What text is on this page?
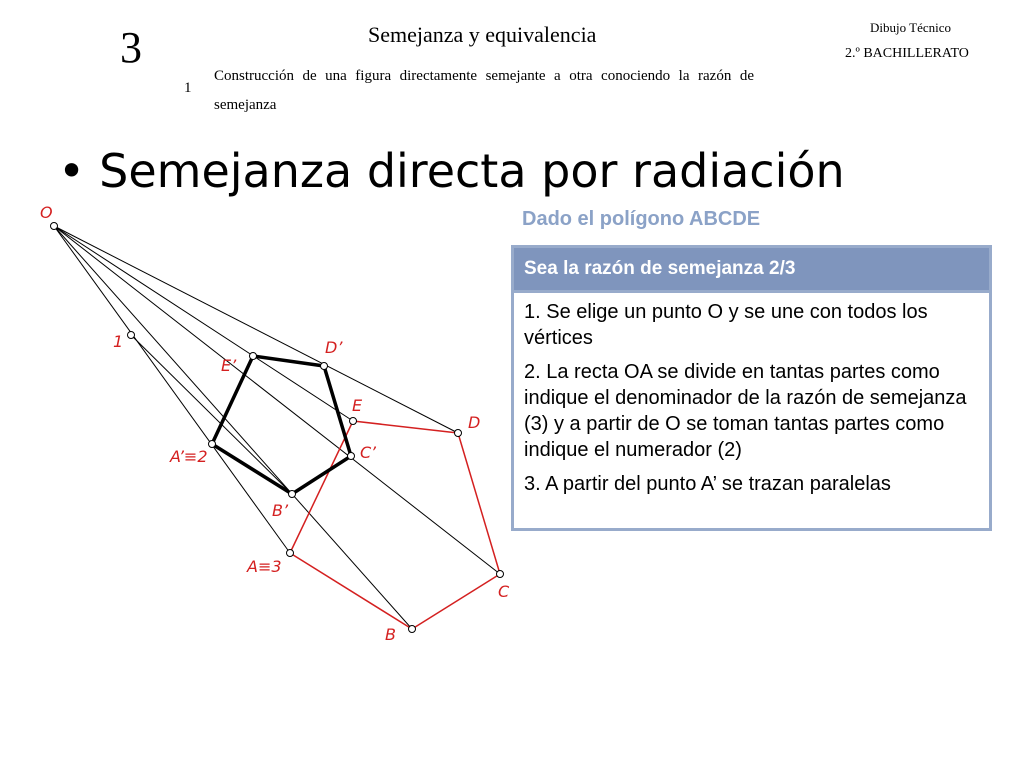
3	Semejanza y equivalencia	Dibujo Técnico
2.º BACHILLERATO
1
Construcción de una figura directamente semejante a otra conociendo la razón de semejanza
• Semejanza directa por radiación
O
1
E’
D’
E
D
C’
A’≡2
B’
A≡3
C
B
Dado el polígono ABCDE
Sea la razón de semejanza 2/3
1. Se elige un punto O y se une con todos los vértices
2. La recta OA se divide en tantas partes como indique el denominador de la razón de semejanza (3) y a partir de O se toman tantas partes como indique el numerador (2)
3. A partir del punto A’ se trazan paralelas
